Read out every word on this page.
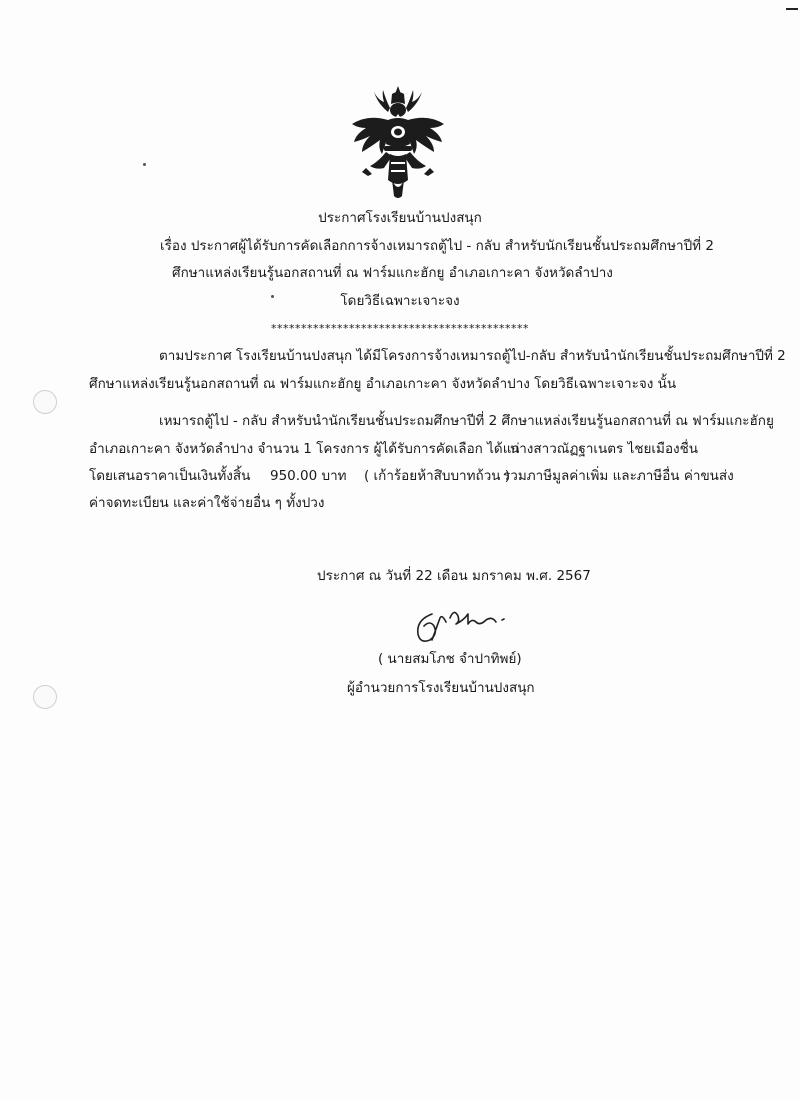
ประกาศโรงเรียนบ้านปงสนุก
เรื่อง ประกาศผู้ได้รับการคัดเลือกการจ้างเหมารถตู้ไป - กลับ สำหรับนักเรียนชั้นประถมศึกษาปีที่ 2
ศึกษาแหล่งเรียนรู้นอกสถานที่ ณ ฟาร์มแกะฮักยู อำเภอเกาะคา จังหวัดลำปาง
โดยวิธีเฉพาะเจาะจง
*******************************************
ตามประกาศ โรงเรียนบ้านปงสนุก ได้มีโครงการจ้างเหมารถตู้ไป-กลับ สำหรับนำนักเรียนชั้นประถมศึกษาปีที่ 2
ศึกษาแหล่งเรียนรู้นอกสถานที่ ณ ฟาร์มแกะฮักยู อำเภอเกาะคา จังหวัดลำปาง โดยวิธีเฉพาะเจาะจง นั้น
เหมารถตู้ไป - กลับ สำหรับนำนักเรียนชั้นประถมศึกษาปีที่ 2 ศึกษาแหล่งเรียนรู้นอกสถานที่ ณ ฟาร์มแกะฮักยู
อำเภอเกาะคา จังหวัดลำปาง จำนวน 1 โครงการ ผู้ได้รับการคัดเลือก ได้แก่
นางสาวณัฏฐาเนตร ไชยเมืองชื่น
โดยเสนอราคาเป็นเงินทั้งสิ้น 950.00 บาท ( เก้าร้อยห้าสิบบาทถ้วน )
รวมภาษีมูลค่าเพิ่ม และภาษีอื่น ค่าขนส่ง
ค่าจดทะเบียน และค่าใช้จ่ายอื่น ๆ ทั้งปวง
ประกาศ ณ วันที่ 22 เดือน มกราคม พ.ศ. 2567
( นายสมโภช จำปาทิพย์)
ผู้อำนวยการโรงเรียนบ้านปงสนุก
